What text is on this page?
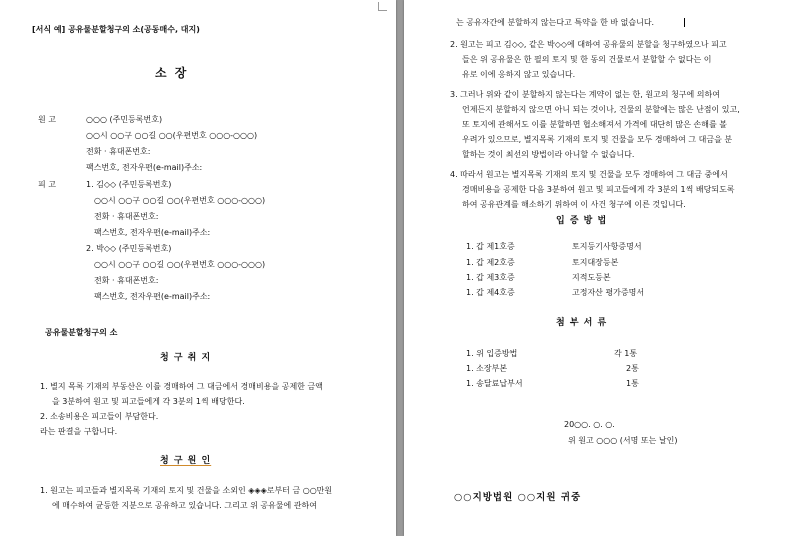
[서식 예] 공유물분할청구의 소(공동매수, 대지)
소 장
원 고	○○○ (주민등록번호)
○○시 ○○구 ○○길 ○○(우편번호 ○○○-○○○)
전화 · 휴대폰번호:
팩스번호, 전자우편(e-mail)주소:
피 고	1. 김◇◇ (주민등록번호)
○○시 ○○구 ○○길 ○○(우편번호 ○○○-○○○)
전화 · 휴대폰번호:
팩스번호, 전자우편(e-mail)주소:
2. 박◇◇ (주민등록번호)
○○시 ○○구 ○○길 ○○(우편번호 ○○○-○○○)
전화 · 휴대폰번호:
팩스번호, 전자우편(e-mail)주소:
공유물분할청구의 소
청 구 취 지
1. 별지 목록 기재의 부동산은 이를 경매하여 그 대금에서 경매비용을 공제한 금액
을 3분하여 원고 및 피고들에게 각 3분의 1씩 배당한다.
2. 소송비용은 피고들이 부담한다.
라는 판결을 구합니다.
청 구 원 인
1. 원고는 피고들과 별지목록 기재의 토지 및 건물을 소외인 ◈◈◈로부터 금 ○○만원
에 매수하여 균등한 지분으로 공유하고 있습니다. 그리고 위 공유물에 관하여
는 공유자간에 분할하지 않는다고 특약을 한 바 없습니다.
2. 원고는 피고 김◇◇, 같은 박◇◇에 대하여 공유물의 분할을 청구하였으나 피고
들은 위 공유물은 한 필의 토지 및 한 동의 건물로서 분할할 수 없다는 이
유로 이에 응하지 않고 있습니다.
3. 그러나 위와 같이 분할하지 않는다는 계약이 없는 한, 원고의 청구에 의하여
언제든지 분할하지 않으면 아니 되는 것이나, 건물의 분할에는 많은 난점이 있고,
또 토지에 관해서도 이를 분할하면 협소해져서 가격에 대단히 많은 손해를 볼
우려가 있으므로, 별지목록 기재의 토지 및 건물을 모두 경매하여 그 대금을 분
할하는 것이 최선의 방법이라 아니할 수 없습니다.
4. 따라서 원고는 별지목록 기재의 토지 및 건물을 모두 경매하여 그 대금 중에서
경매비용을 공제한 다음 3분하여 원고 및 피고들에게 각 3분의 1씩 배당되도록
하여 공유관계를 해소하기 위하여 이 사건 청구에 이른 것입니다.
입 증 방 법
1. 갑 제1호증	토지등기사항증명서
1. 갑 제2호증	토지대장등본
1. 갑 제3호증	지적도등본
1. 갑 제4호증	고정자산 평가증명서
첨 부 서 류
1. 위 입증방법	각 1통
1. 소장부본	2통
1. 송달료납부서	1통
20○○. ○. ○.
위 원고 ○○○ (서명 또는 날인)
○○지방법원 ○○지원 귀중
